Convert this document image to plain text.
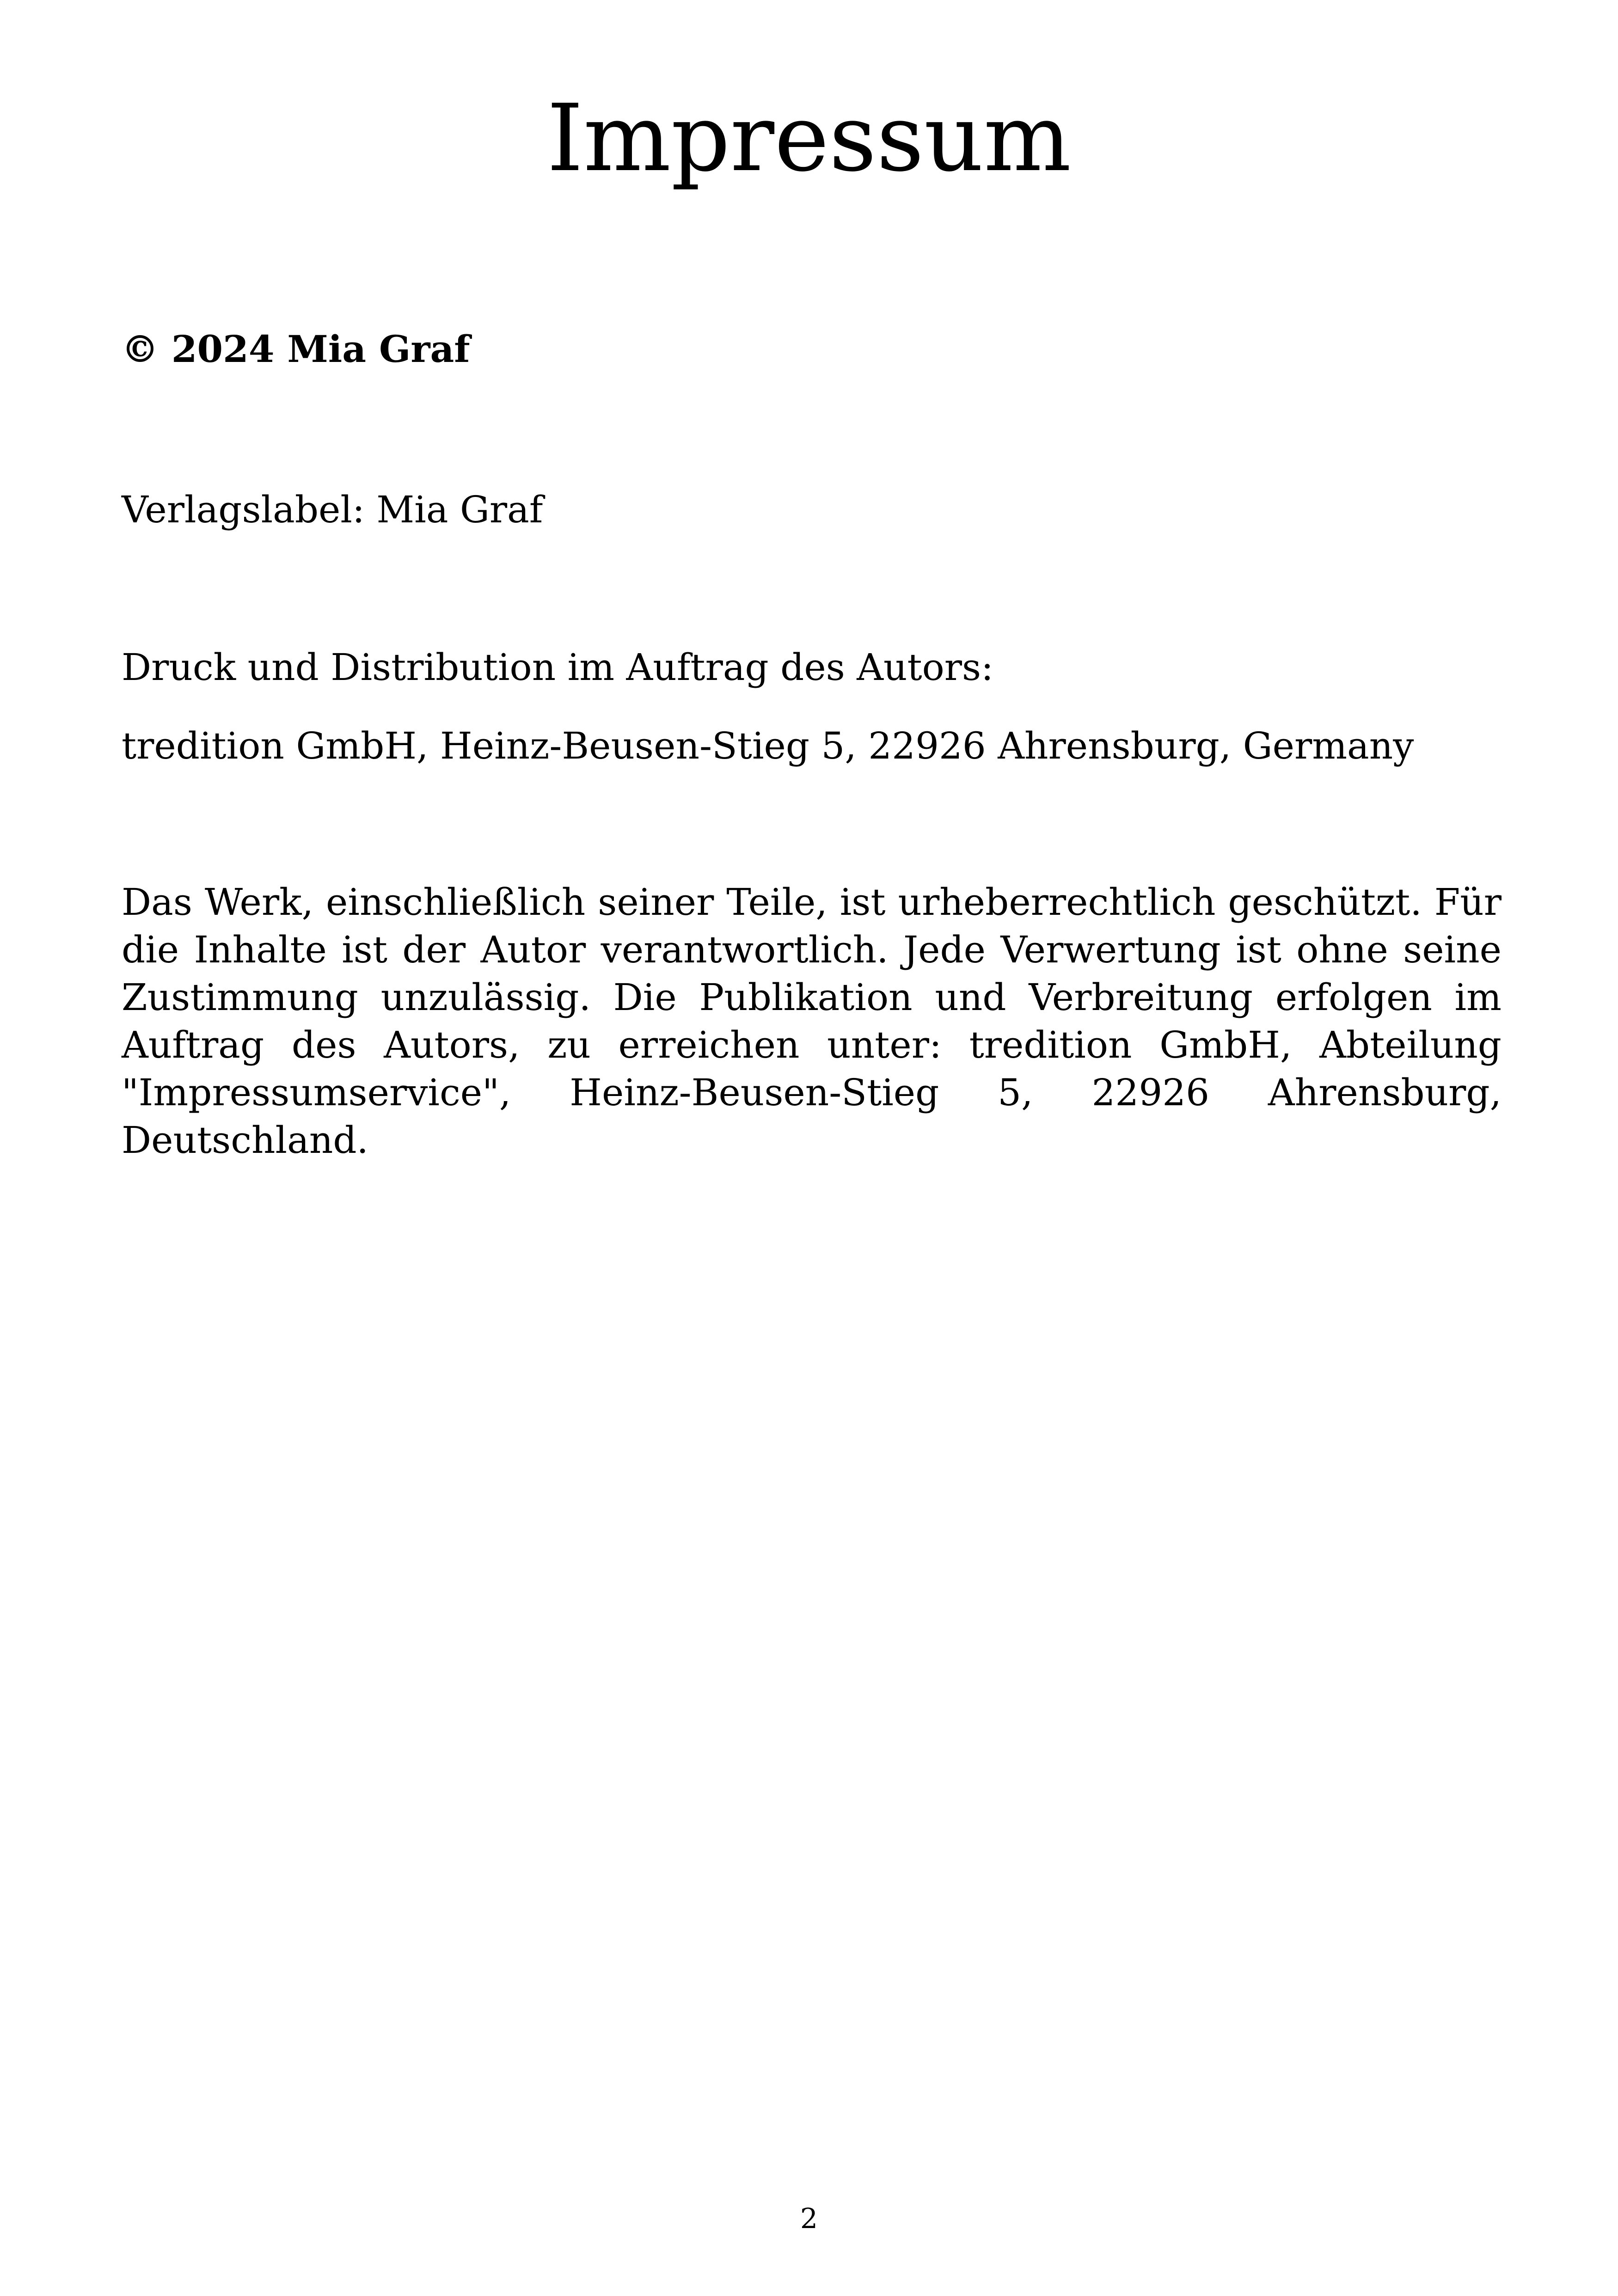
Impressum

© 2024 Mia Graf

Verlagslabel: Mia Graf

Druck und Distribution im Auftrag des Autors:

tredition GmbH, Heinz-Beusen-Stieg 5, 22926 Ahrensburg, Germany

Das Werk, einschließlich seiner Teile, ist urheberrechtlich geschützt. Für die Inhalte ist der Autor verantwortlich. Jede Verwertung ist ohne seine Zustimmung unzulässig. Die Publikation und Verbreitung erfolgen im Auftrag des Autors, zu erreichen unter: tredition GmbH, Abteilung "Impressumservice", Heinz-Beusen-Stieg 5, 22926 Ahrensburg, Deutschland.

2
